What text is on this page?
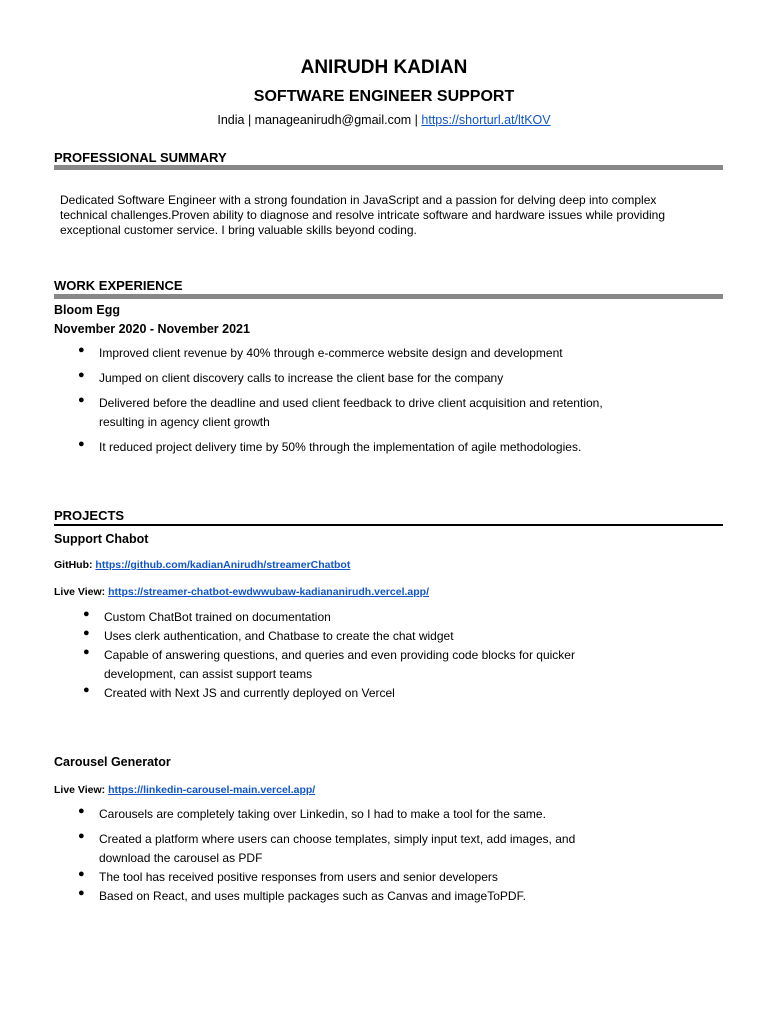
ANIRUDH KADIAN
SOFTWARE ENGINEER SUPPORT
India | manageanirudh@gmail.com | https://shorturl.at/ltKOV
PROFESSIONAL SUMMARY
Dedicated Software Engineer with a strong foundation in JavaScript and a passion for delving deep into complex
technical challenges.Proven ability to diagnose and resolve intricate software and hardware issues while providing
exceptional customer service. I bring valuable skills beyond coding.
WORK EXPERIENCE
Bloom Egg
November 2020 - November 2021
● Improved client revenue by 40% through e-commerce website design and development
● Jumped on client discovery calls to increase the client base for the company
● Delivered before the deadline and used client feedback to drive client acquisition and retention,
resulting in agency client growth
● It reduced project delivery time by 50% through the implementation of agile methodologies.
PROJECTS
Support Chabot
GitHub: https://github.com/kadianAnirudh/streamerChatbot
Live View: https://streamer-chatbot-ewdwwubaw-kadiananirudh.vercel.app/
● Custom ChatBot trained on documentation
● Uses clerk authentication, and Chatbase to create the chat widget
● Capable of answering questions, and queries and even providing code blocks for quicker
development, can assist support teams
● Created with Next JS and currently deployed on Vercel
Carousel Generator
Live View: https://linkedin-carousel-main.vercel.app/
● Carousels are completely taking over Linkedin, so I had to make a tool for the same.
● Created a platform where users can choose templates, simply input text, add images, and
download the carousel as PDF
● The tool has received positive responses from users and senior developers
● Based on React, and uses multiple packages such as Canvas and imageToPDF.
